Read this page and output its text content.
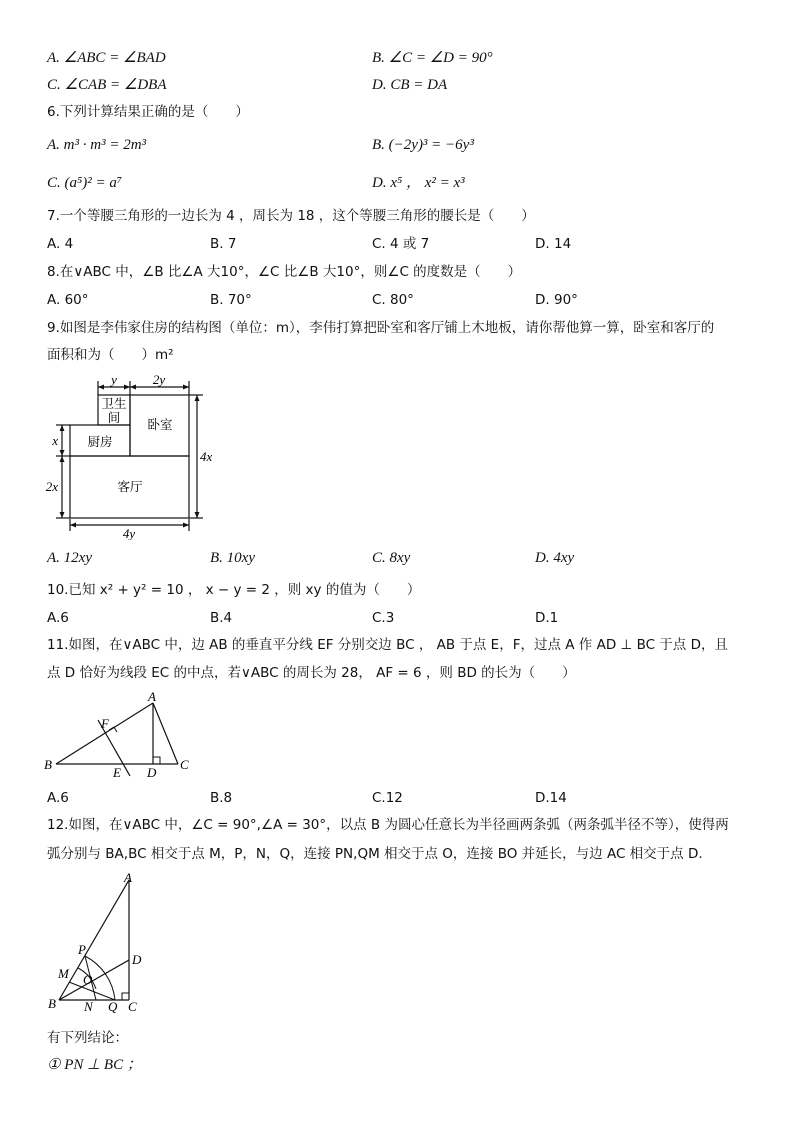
A. ∠ABC = ∠BAD	B. ∠C = ∠D = 90°
C. ∠CAB = ∠DBA	D. CB = DA
6.下列计算结果正确的是（　　）
A. m³ · m³ = 2m³	B. (−2y)³ = −6y³
C. (a⁵)² = a⁷	D. x⁵ ， x² = x³
7.一个等腰三角形的一边长为 4 ，周长为 18 ，这个等腰三角形的腰长是（　　）
A. 4	B. 7	C. 4 或 7	D. 14
8.在∨ABC 中，∠B 比∠A 大10°，∠C 比∠B 大10°，则∠C 的度数是（　　）
A. 60°	B. 70°	C. 80°	D. 90°
9.如图是李伟家住房的结构图（单位：m），李伟打算把卧室和客厅铺上木地板，请你帮他算一算，卧室和客厅的
面积和为（　　）m²
y	2y
x
2x
4x
4y
卫生
间 卧室
厨房
客厅
A. 12xy	B. 10xy	C. 8xy	D. 4xy
10.已知 x² + y² = 10 ， x − y = 2 ，则 xy 的值为（　　）
A.6	B.4	C.3	D.1
11.如图，在∨ABC 中，边 AB 的垂直平分线 EF 分别交边 BC ， AB 于点 E，F，过点 A 作 AD ⊥ BC 于点 D，且
点 D 恰好为线段 EC 的中点，若∨ABC 的周长为 28， AF = 6 ，则 BD 的长为（　　）
A
B	C
D
E
F
A.6	B.8	C.12	D.14
12.如图，在∨ABC 中，∠C = 90°,∠A = 30°，以点 B 为圆心任意长为半径画两条弧（两条弧半径不等），使得两
弧分别与 BA,BC 相交于点 M，P，N，Q，连接 PN,QM 相交于点 O，连接 BO 并延长，与边 AC 相交于点 D.
A
B	C
D
M
P
O
N Q
有下列结论：
① PN ⊥ BC ；
